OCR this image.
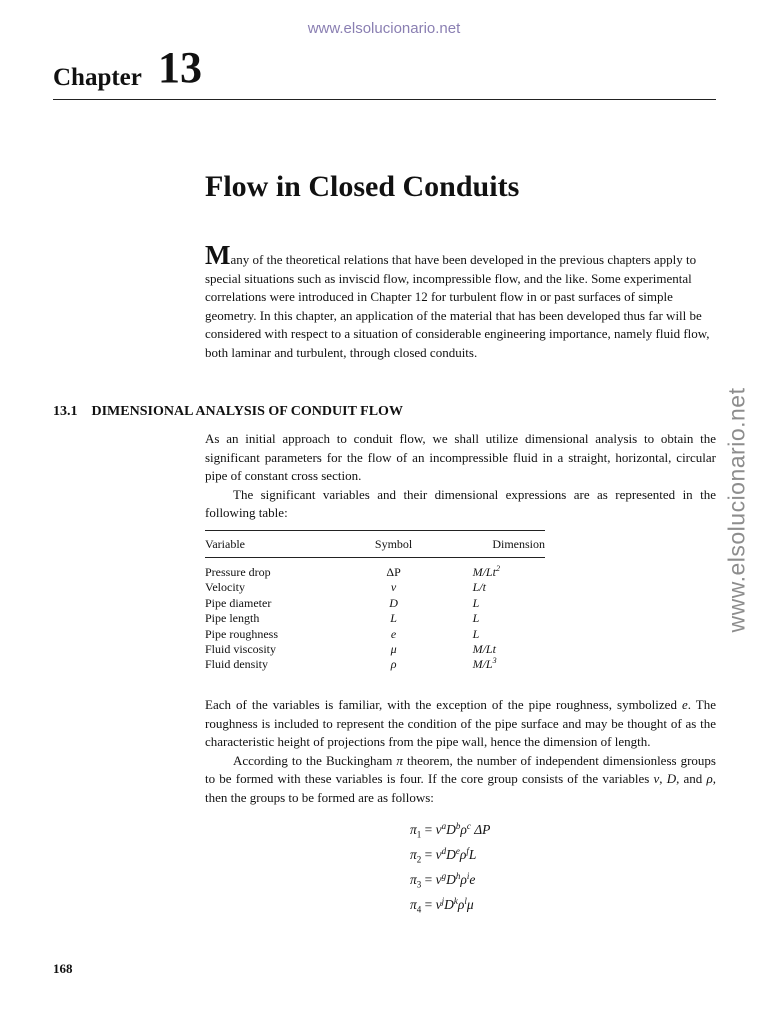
www.elsolucionario.net
www.elsolucionario.net
Chapter 13
Flow in Closed Conduits
Many of the theoretical relations that have been developed in the previous chapters apply to special situations such as inviscid flow, incompressible flow, and the like. Some experimental correlations were introduced in Chapter 12 for turbulent flow in or past surfaces of simple geometry. In this chapter, an application of the material that has been developed thus far will be considered with respect to a situation of considerable engineering importance, namely fluid flow, both laminar and turbulent, through closed conduits.
13.1 DIMENSIONAL ANALYSIS OF CONDUIT FLOW

As an initial approach to conduit flow, we shall utilize dimensional analysis to obtain the significant parameters for the flow of an incompressible fluid in a straight, horizontal, circular pipe of constant cross section.

The significant variables and their dimensional expressions are as represented in the following table:

Variable	Symbol	Dimension
Pressure drop	ΔP	M/Lt$^2$
Velocity	v	L/t
Pipe diameter	D	L
Pipe length	L	L
Pipe roughness	e	L
Fluid viscosity	μ	M/Lt
Fluid density	ρ	$M/L^3$

Each of the variables is familiar, with the exception of the pipe roughness, symbolized e. The roughness is included to represent the condition of the pipe surface and may be thought of as the characteristic height of projections from the pipe wall, hence the dimension of length.

According to the Buckingham π theorem, the number of independent dimensionless groups to be formed with these variables is four. If the core group consists of the variables v, D, and ρ, then the groups to be formed are as follows:

$\pi_1 = v^aD^b\rho^c$ ΔP
$\pi_2 = v^dD^e\rho^fL$
$\pi_3 = v^gD^h\rho^ie$
$\pi_4 = v^jD^k\rho^l\mu$
168
